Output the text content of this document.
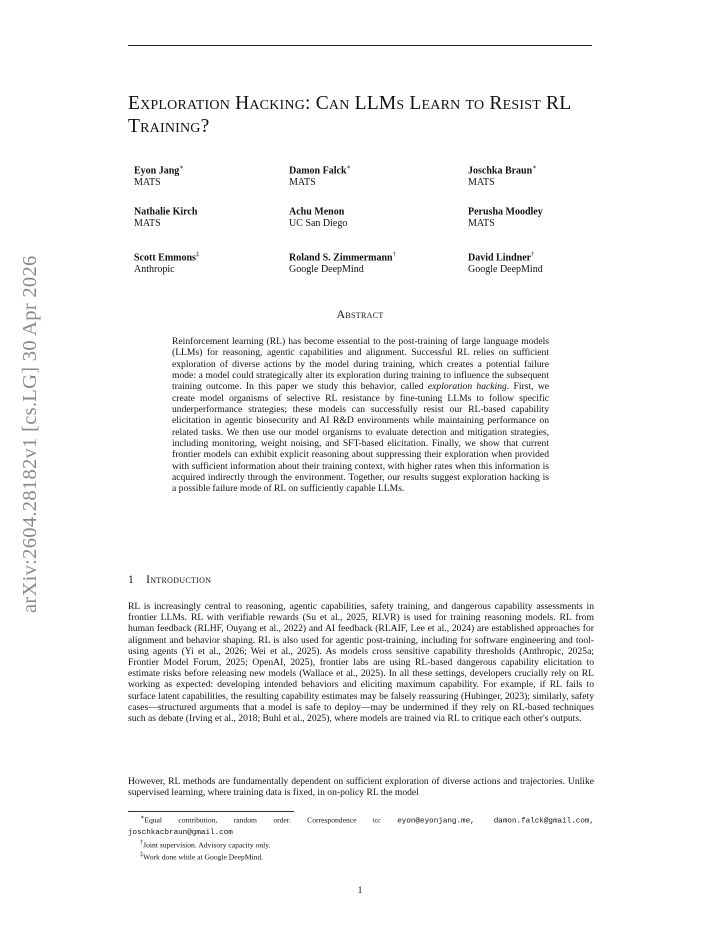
arXiv:2604.28182v1 [cs.LG] 30 Apr 2026
Exploration Hacking: Can LLMs Learn to Resist RL Training?
Eyon Jang∗
MATS
Damon Falck∗
MATS
Joschka Braun∗
MATS
Nathalie Kirch
MATS
Achu Menon
UC San Diego
Perusha Moodley
MATS
Scott Emmons‡
Anthropic
Roland S. Zimmermann†
Google DeepMind
David Lindner†
Google DeepMind
Abstract

Reinforcement learning (RL) has become essential to the post-training of large language models (LLMs) for reasoning, agentic capabilities and alignment. Successful RL relies on sufficient exploration of diverse actions by the model during training, which creates a potential failure mode: a model could strategically alter its exploration during training to influence the subsequent training outcome. In this paper we study this behavior, called exploration hacking. First, we create model organisms of selective RL resistance by fine-tuning LLMs to follow specific underperformance strategies; these models can successfully resist our RL-based capability elicitation in agentic biosecurity and AI R&D environments while maintaining performance on related tasks. We then use our model organisms to evaluate detection and mitigation strategies, including monitoring, weight noising, and SFT-based elicitation. Finally, we show that current frontier models can exhibit explicit reasoning about suppressing their exploration when provided with sufficient information about their training context, with higher rates when this information is acquired indirectly through the environment. Together, our results suggest exploration hacking is a possible failure mode of RL on sufficiently capable LLMs.

1 Introduction

RL is increasingly central to reasoning, agentic capabilities, safety training, and dangerous capability assessments in frontier LLMs. RL with verifiable rewards (Su et al., 2025, RLVR) is used for training reasoning models. RL from human feedback (RLHF, Ouyang et al., 2022) and AI feedback (RLAIF, Lee et al., 2024) are established approaches for alignment and behavior shaping. RL is also used for agentic post-training, including for software engineering and tool-using agents (Yi et al., 2026; Wei et al., 2025). As models cross sensitive capability thresholds (Anthropic, 2025a; Frontier Model Forum, 2025; OpenAI, 2025), frontier labs are using RL-based dangerous capability elicitation to estimate risks before releasing new models (Wallace et al., 2025). In all these settings, developers crucially rely on RL working as expected: developing intended behaviors and eliciting maximum capability. For example, if RL fails to surface latent capabilities, the resulting capability estimates may be falsely reassuring (Hubinger, 2023); similarly, safety cases—structured arguments that a model is safe to deploy—may be undermined if they rely on RL-based techniques such as debate (Irving et al., 2018; Buhl et al., 2025), where models are trained via RL to critique each other's outputs.

However, RL methods are fundamentally dependent on sufficient exploration of diverse actions and trajectories. Unlike supervised learning, where training data is fixed, in on-policy RL the model

∗Equal contribution, random order. Correspondence to: eyon@eyonjang.me, damon.falck@gmail.com, joschkacbraun@gmail.com

†Joint supervision. Advisory capacity only.

‡Work done while at Google DeepMind.

1
